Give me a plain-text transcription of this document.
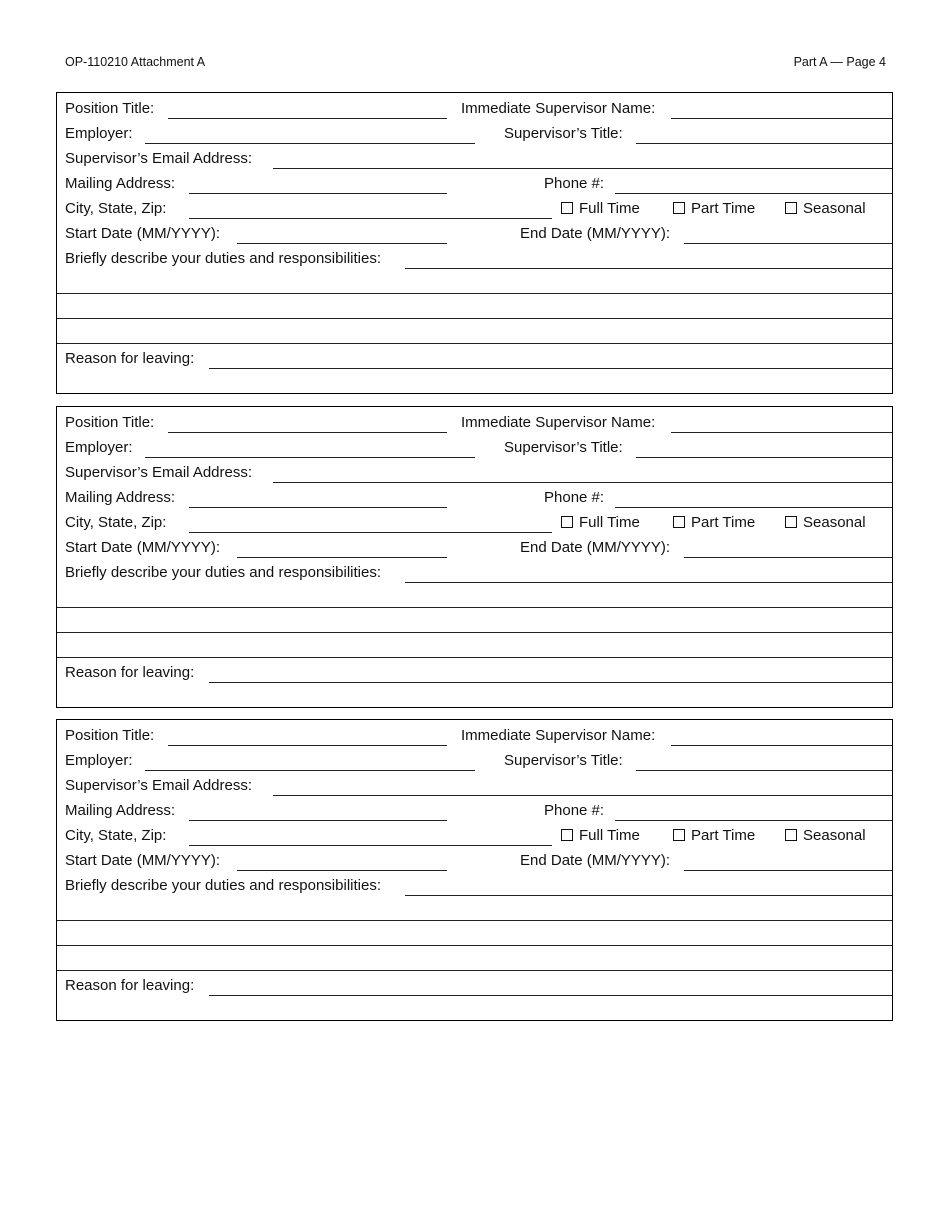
OP-110210 Attachment A	Part A — Page 4
Position Title:	Immediate Supervisor Name:
Employer:	Supervisor’s Title:
Supervisor’s Email Address:
Mailing Address:	Phone #:
City, State, Zip:	Full Time	Part Time	Seasonal
Start Date (MM/YYYY):	End Date (MM/YYYY):
Briefly describe your duties and responsibilities:
Reason for leaving:
Position Title:	Immediate Supervisor Name:
Employer:	Supervisor’s Title:
Supervisor’s Email Address:
Mailing Address:	Phone #:
City, State, Zip:	Full Time	Part Time	Seasonal
Start Date (MM/YYYY):	End Date (MM/YYYY):
Briefly describe your duties and responsibilities:
Reason for leaving:
Position Title:	Immediate Supervisor Name:
Employer:	Supervisor’s Title:
Supervisor’s Email Address:
Mailing Address:	Phone #:
City, State, Zip:	Full Time	Part Time	Seasonal
Start Date (MM/YYYY):	End Date (MM/YYYY):
Briefly describe your duties and responsibilities:
Reason for leaving:
